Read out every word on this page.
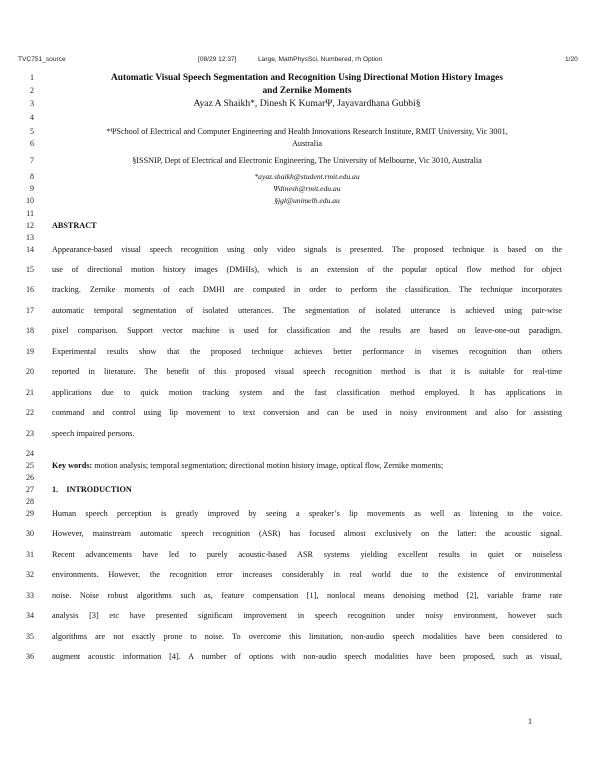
TVC751_source	[08/29 12:37]	Large, MathPhysSci, Numbered, rh Option	1/20
1	Automatic Visual Speech Segmentation and Recognition Using Directional Motion History Images
2	and Zernike Moments
3	Ayaz A Shaikh*, Dinesh K KumarΨ, Jayavardhana Gubbi§
4
5	*ΨSchool of Electrical and Computer Engineering and Health Innovations Research Institute, RMIT University, Vic 3001,
6	Australia
7	§ISSNIP, Dept of Electrical and Electronic Engineering, The University of Melbourne, Vic 3010, Australia
8	*ayaz.shaikh@student.rmit.edu.au
9	Ψdinesh@rmit.edu.au
10	§jgl@unimelb.edu.au
11
12 ABSTRACT
13
14 Appearance-based visual speech recognition using only video signals is presented. The proposed technique is based on the
15 use of directional motion history images (DMHIs), which is an extension of the popular optical flow method for object
16 tracking. Zernike moments of each DMHI are computed in order to perform the classification. The technique incorporates
17 automatic temporal segmentation of isolated utterances. The segmentation of isolated utterance is achieved using pair-wise
18 pixel comparison. Support vector machine is used for classification and the results are based on leave-one-out paradigm.
19 Experimental results show that the proposed technique achieves better performance in visemes recognition than others
20 reported in literature. The benefit of this proposed visual speech recognition method is that it is suitable for real-time
21 applications due to quick motion tracking system and the fast classification method employed. It has applications in
22 command and control using lip movement to text conversion and can be used in noisy environment and also for assisting
23 speech impaired persons.
24
25 Key words: motion analysis; temporal segmentation; directional motion history image, optical flow, Zernike moments;
26
27 1.    INTRODUCTION
28
29 Human speech perception is greatly improved by seeing a speaker’s lip movements as well as listening to the voice.
30 However, mainstream automatic speech recognition (ASR) has focused almost exclusively on the latter: the acoustic signal.
31 Recent advancements have led to purely acoustic-based ASR systems yielding excellent results in quiet or noiseless
32 environments. However, the recognition error increases considerably in real world due to the existence of environmental
33 noise. Noise robust algorithms such as, feature compensation [1], nonlocal means denoising method [2], variable frame rate
34 analysis [3] etc have presented significant improvement in speech recognition under noisy environment, however such
35 algorithms are not exactly prone to noise. To overcome this limitation, non-audio speech modalities have been considered to
36 augment acoustic information [4]. A number of options with non-audio speech modalities have been proposed, such as visual,
1
